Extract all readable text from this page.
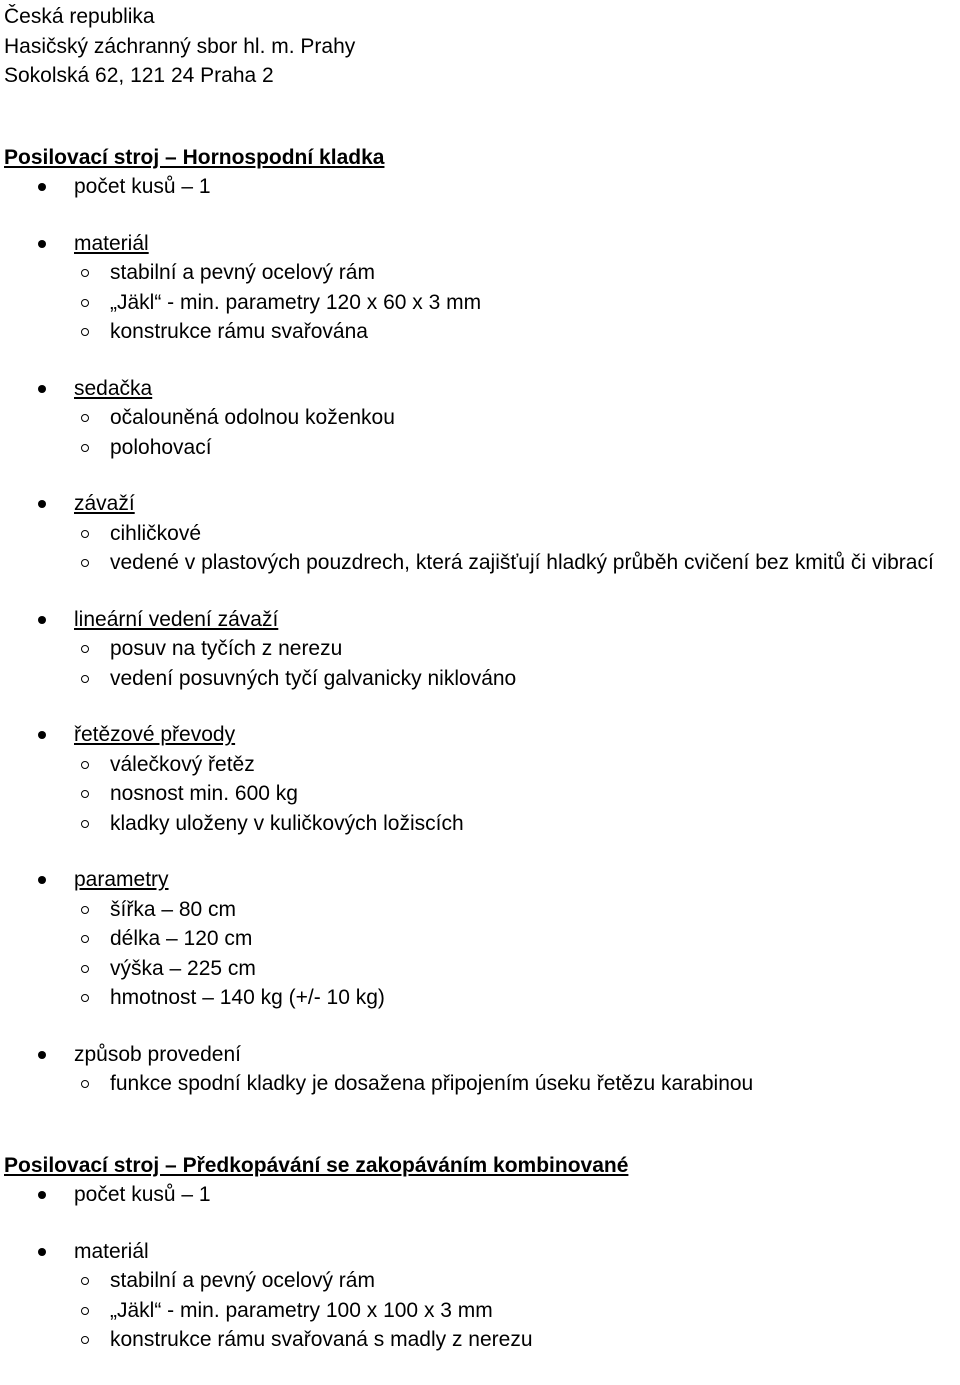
Česká republika
Hasičský záchranný sbor hl. m. Prahy
Sokolská 62, 121 24 Praha 2
Posilovací stroj – Hornospodní kladka
počet kusů – 1
materiál
stabilní a pevný ocelový rám
„Jäkl“ - min. parametry 120 x 60 x 3 mm
konstrukce rámu svařována
sedačka
očalouněná odolnou koženkou
polohovací
závaží
cihličkové
vedené v plastových pouzdrech, která zajišťují hladký průběh cvičení bez kmitů či vibrací
lineární vedení závaží
posuv na tyčích z nerezu
vedení posuvných tyčí galvanicky niklováno
řetězové převody
válečkový řetěz
nosnost min. 600 kg
kladky uloženy v kuličkových ložiscích
parametry
šířka – 80 cm
délka – 120 cm
výška – 225 cm
hmotnost – 140 kg (+/- 10 kg)
způsob provedení
funkce spodní kladky je dosažena připojením úseku řetězu karabinou
Posilovací stroj – Předkopávání se zakopáváním kombinované
počet kusů – 1
materiál
stabilní a pevný ocelový rám
„Jäkl“ - min. parametry 100 x 100 x 3 mm
konstrukce rámu svařovaná s madly z nerezu
